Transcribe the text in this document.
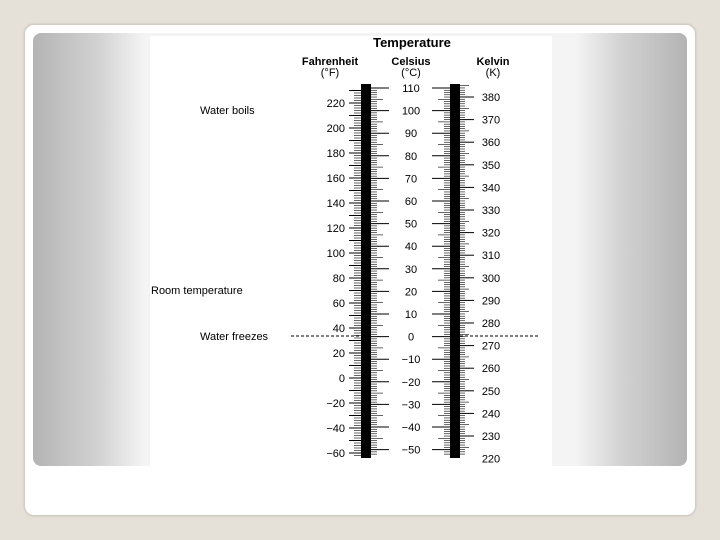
Temperature
Fahrenheit
(°F)
Celsius
(°C)
Kelvin
(K)
220
200
180
160
140
120
100
80
60
40
20
0
−20
−40
−60
110
100
90
80
70
60
50
40
30
20
10
0
−10
−20
−30
−40
−50
380
370
360
350
340
330
320
310
300
290
280
270
260
250
240
230
220
Water boils
Room temperature
Water freezes
